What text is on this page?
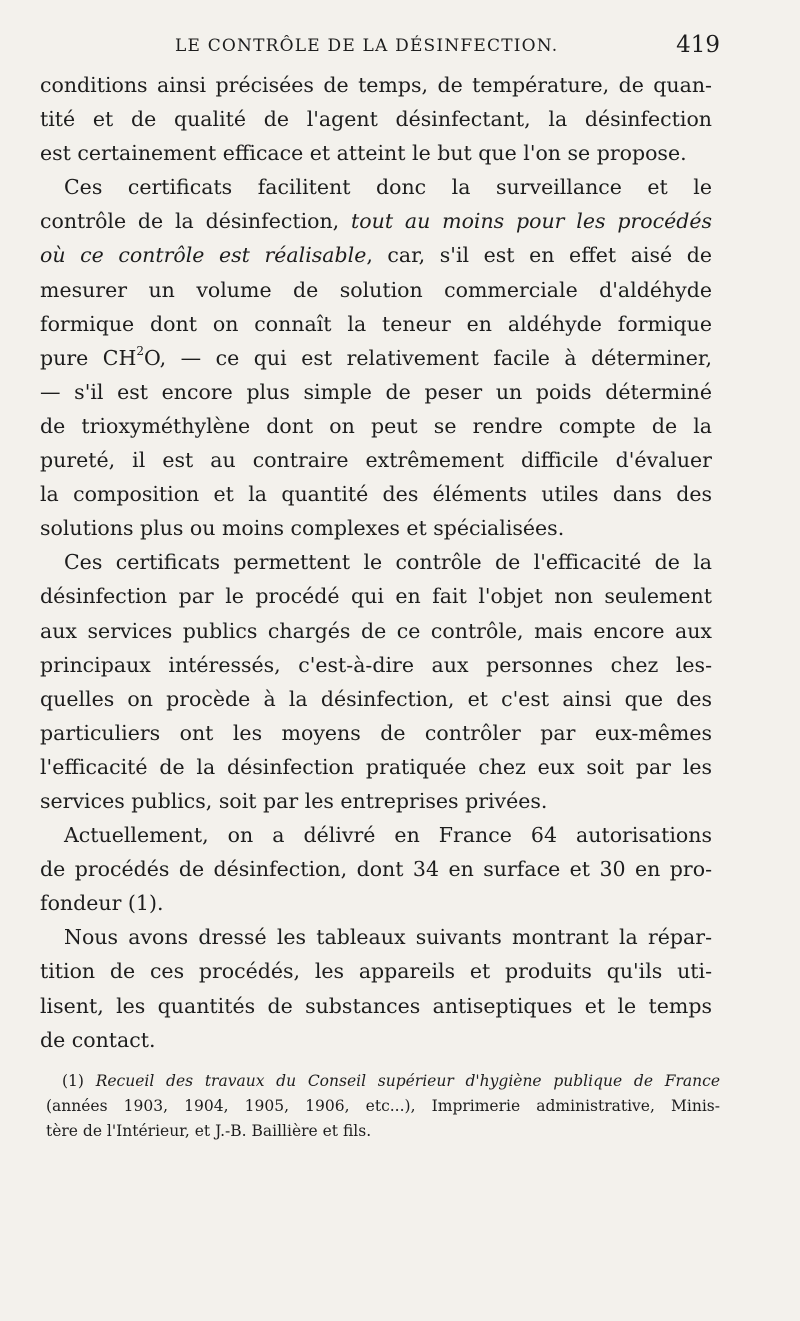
LE CONTRÔLE DE LA DÉSINFECTION.	419
conditions ainsi précisées de temps, de température, de quan-
tité et de qualité de l'agent désinfectant, la désinfection
est certainement efficace et atteint le but que l'on se propose.
Ces certificats facilitent donc la surveillance et le
contrôle de la désinfection, tout au moins pour les procédés
où ce contrôle est réalisable, car, s'il est en effet aisé de
mesurer un volume de solution commerciale d'aldéhyde
formique dont on connaît la teneur en aldéhyde formique
pure $CH^2O$, — ce qui est relativement facile à déterminer,
— s'il est encore plus simple de peser un poids déterminé
de trioxyméthylène dont on peut se rendre compte de la
pureté, il est au contraire extrêmement difficile d'évaluer
la composition et la quantité des éléments utiles dans des
solutions plus ou moins complexes et spécialisées.
Ces certificats permettent le contrôle de l'efficacité de la
désinfection par le procédé qui en fait l'objet non seulement
aux services publics chargés de ce contrôle, mais encore aux
principaux intéressés, c'est-à-dire aux personnes chez les-
quelles on procède à la désinfection, et c'est ainsi que des
particuliers ont les moyens de contrôler par eux-mêmes
l'efficacité de la désinfection pratiquée chez eux soit par les
services publics, soit par les entreprises privées.
Actuellement, on a délivré en France 64 autorisations
de procédés de désinfection, dont 34 en surface et 30 en pro-
fondeur (1).
Nous avons dressé les tableaux suivants montrant la répar-
tition de ces procédés, les appareils et produits qu'ils uti-
lisent, les quantités de substances antiseptiques et le temps
de contact.
(1) Recueil des travaux du Conseil supérieur d'hygiène publique de France
(années 1903, 1904, 1905, 1906, etc...), Imprimerie administrative, Minis-
tère de l'Intérieur, et J.-B. Baillière et fils.
